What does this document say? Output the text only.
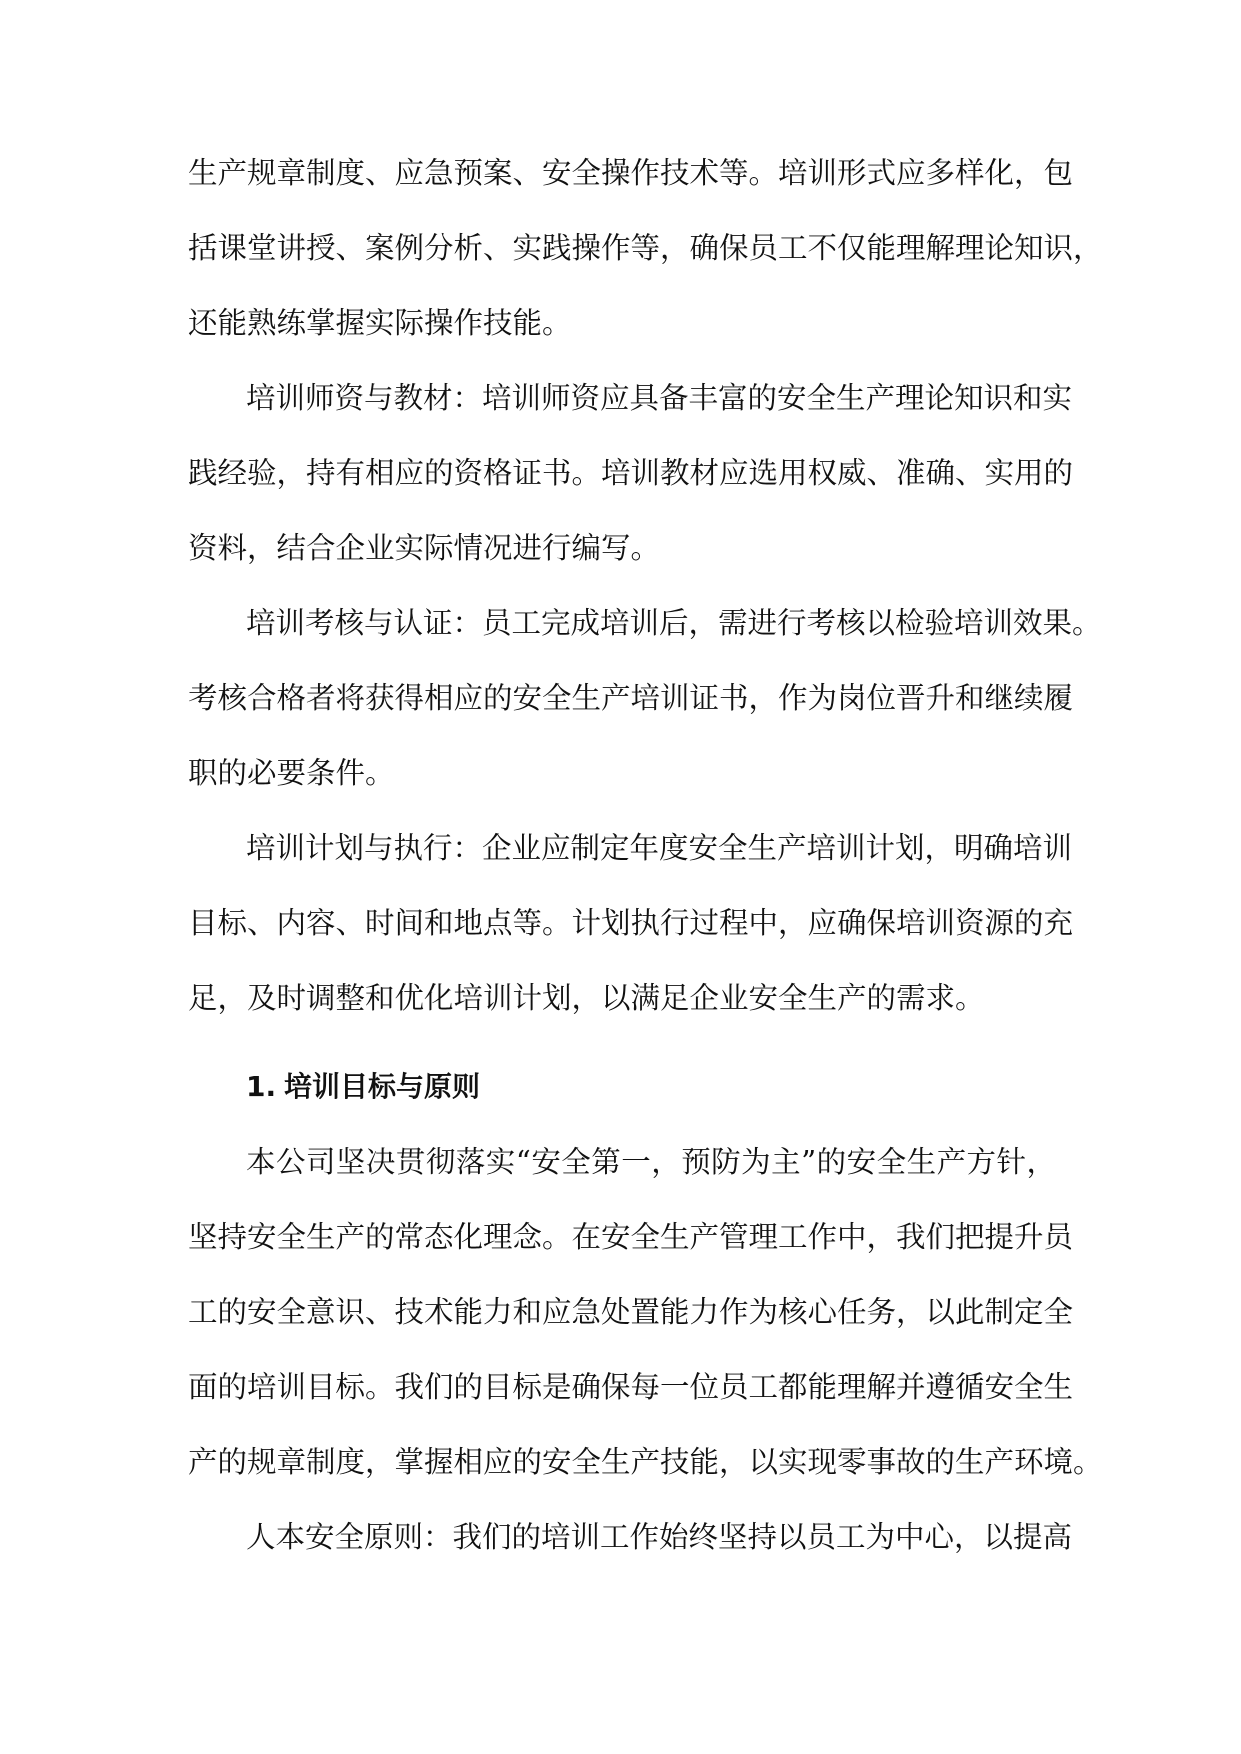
生产规章制度、应急预案、安全操作技术等。培训形式应多样化，包
括课堂讲授、案例分析、实践操作等，确保员工不仅能理解理论知识，
还能熟练掌握实际操作技能。
培训师资与教材：培训师资应具备丰富的安全生产理论知识和实
践经验，持有相应的资格证书。培训教材应选用权威、准确、实用的
资料，结合企业实际情况进行编写。
培训考核与认证：员工完成培训后，需进行考核以检验培训效果。
考核合格者将获得相应的安全生产培训证书，作为岗位晋升和继续履
职的必要条件。
培训计划与执行：企业应制定年度安全生产培训计划，明确培训
目标、内容、时间和地点等。计划执行过程中，应确保培训资源的充
足，及时调整和优化培训计划，以满足企业安全生产的需求。
1. 培训目标与原则
本公司坚决贯彻落实“安全第一，预防为主”的安全生产方针，
坚持安全生产的常态化理念。在安全生产管理工作中，我们把提升员
工的安全意识、技术能力和应急处置能力作为核心任务，以此制定全
面的培训目标。我们的目标是确保每一位员工都能理解并遵循安全生
产的规章制度，掌握相应的安全生产技能，以实现零事故的生产环境。
人本安全原则：我们的培训工作始终坚持以员工为中心，以提高
